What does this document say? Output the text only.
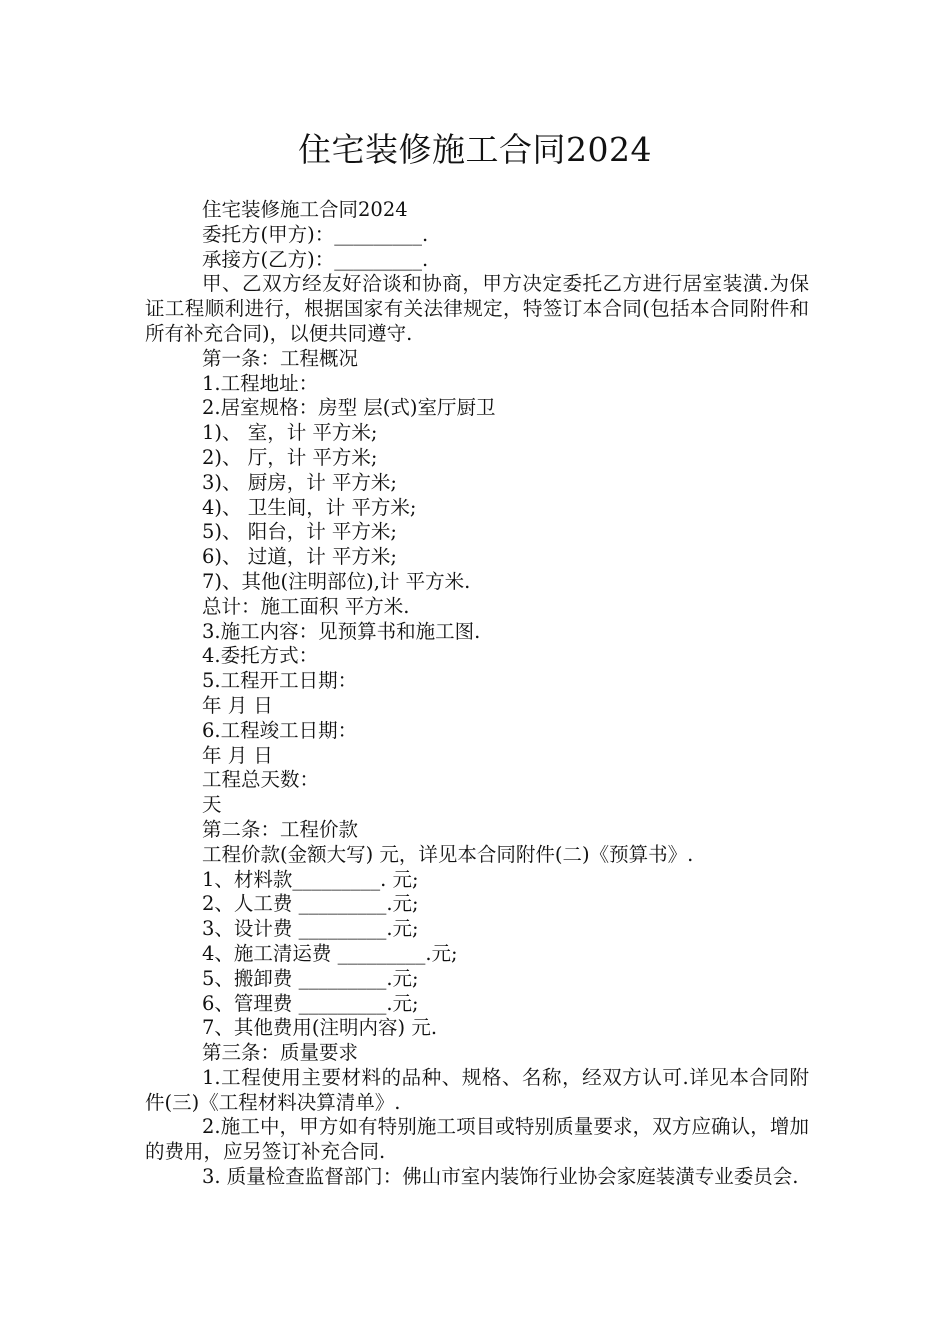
住宅装修施工合同2024

住宅装修施工合同2024

委托方(甲方)：_________.

承接方(乙方)：_________.

甲、乙双方经友好洽谈和协商，甲方决定委托乙方进行居室装潢.为保证工程顺利进行，根据国家有关法律规定，特签订本合同(包括本合同附件和所有补充合同)，以便共同遵守.

第一条：工程概况

1.工程地址：

2.居室规格：房型 层(式)室厅厨卫

1)、 室，计 平方米;

2)、 厅，计 平方米;

3)、 厨房，计 平方米;

4)、 卫生间，计 平方米;

5)、 阳台，计 平方米;

6)、 过道，计 平方米;

7)、其他(注明部位),计 平方米.

总计：施工面积 平方米.

3.施工内容：见预算书和施工图.

4.委托方式：

5.工程开工日期：

年 月 日

6.工程竣工日期：

年 月 日

工程总天数：

天

第二条：工程价款

工程价款(金额大写) 元，详见本合同附件(二)《预算书》.

1、材料款_________. 元;

2、人工费 _________.元;

3、设计费 _________.元;

4、施工清运费 _________.元;

5、搬卸费 _________.元;

6、管理费 _________.元;

7、其他费用(注明内容) 元.

第三条：质量要求

1.工程使用主要材料的品种、规格、名称，经双方认可.详见本合同附件(三)《工程材料决算清单》.

2.施工中，甲方如有特别施工项目或特别质量要求，双方应确认，增加的费用，应另签订补充合同.

3. 质量检查监督部门：佛山市室内装饰行业协会家庭装潢专业委员会.
